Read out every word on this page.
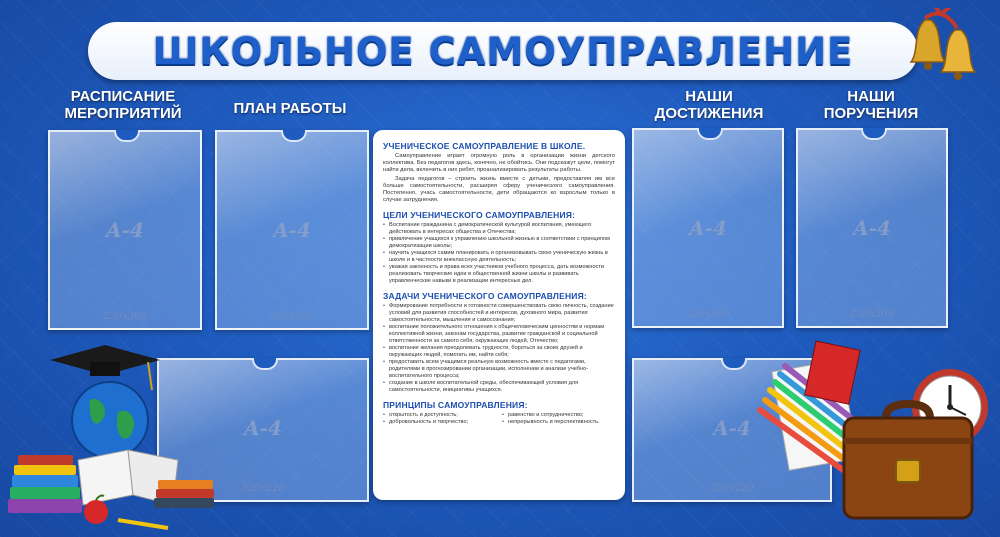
ШКОЛЬНОЕ САМОУПРАВЛЕНИЕ
РАСПИСАНИЕ
МЕРОПРИЯТИЙ	ПЛАН РАБОТЫ
НАШИ
ДОСТИЖЕНИЯ
НАШИ
ПОРУЧЕНИЯ
A-4
230x305
A-4
230x305
A-4
230x305
A-4
230x305
A-4
320x220
A-4
320x220
УЧЕНИЧЕСКОЕ САМОУПРАВЛЕНИЕ В ШКОЛЕ.

Самоуправление играет огромную роль в организации жизни детского коллектива. Без педагогов здесь, конечно, не обойтись. Они подскажут цели, помогут найти дела, включить в них ребят, проанализировать результаты работы.

Задача педагогов – строить жизнь вместе с детьми, предоставляя им все больше самостоятельности, расширяя сферу ученического самоуправления. Постепенно, учась самостоятельности, дети обращаются ко взрослым только в случае затруднения.

ЦЕЛИ УЧЕНИЧЕСКОГО САМОУПРАВЛЕНИЯ:
• Воспитание гражданина с демократической культурой воспитания, умеющего действовать в интересах общества и Отечества;
• привлечение учащихся к управлению школьной жизнью в соответствии с принципом демократизации школы;
• научить учащихся самим планировать и организовывать свою ученическую жизнь в школе и в частности внеклассную деятельность;
• уважая законность и права всех участников учебного процесса, дать возможности реализовать творческие идеи в общественной жизни школы и развивать управленческие навыки в реализации интересных дел.
ЗАДАЧИ УЧЕНИЧЕСКОГО САМОУПРАВЛЕНИЯ:
• Формирование потребности и готовности совершенствовать свою личность, создание условий для развития способностей и интересов, духовного мира, развития самостоятельности, мышления и самосознания;
• воспитание положительного отношения к общечеловеческим ценностям и нормам коллективной жизни, законам государства, развитие гражданской и социальной ответственности за самого себя, окружающих людей, Отечество;
• воспитание желания преодолевать трудности, бороться за своих друзей и окружающих людей, помогать им, найти себя;
• предоставить всем учащимся реальную возможность вместе с педагогами, родителями в прогнозировании организации, исполнении и анализе учебно-воспитательного процесса;
• создание в школе воспитательной среды, обеспечивающей условия для самостоятельности, инициативы учащихся.
ПРИНЦИПЫ САМОУПРАВЛЕНИЯ:
• открытость и доступность;
• добровольность и творчество;
• равенство и сотрудничество;
• непрерывность и перспективность.
